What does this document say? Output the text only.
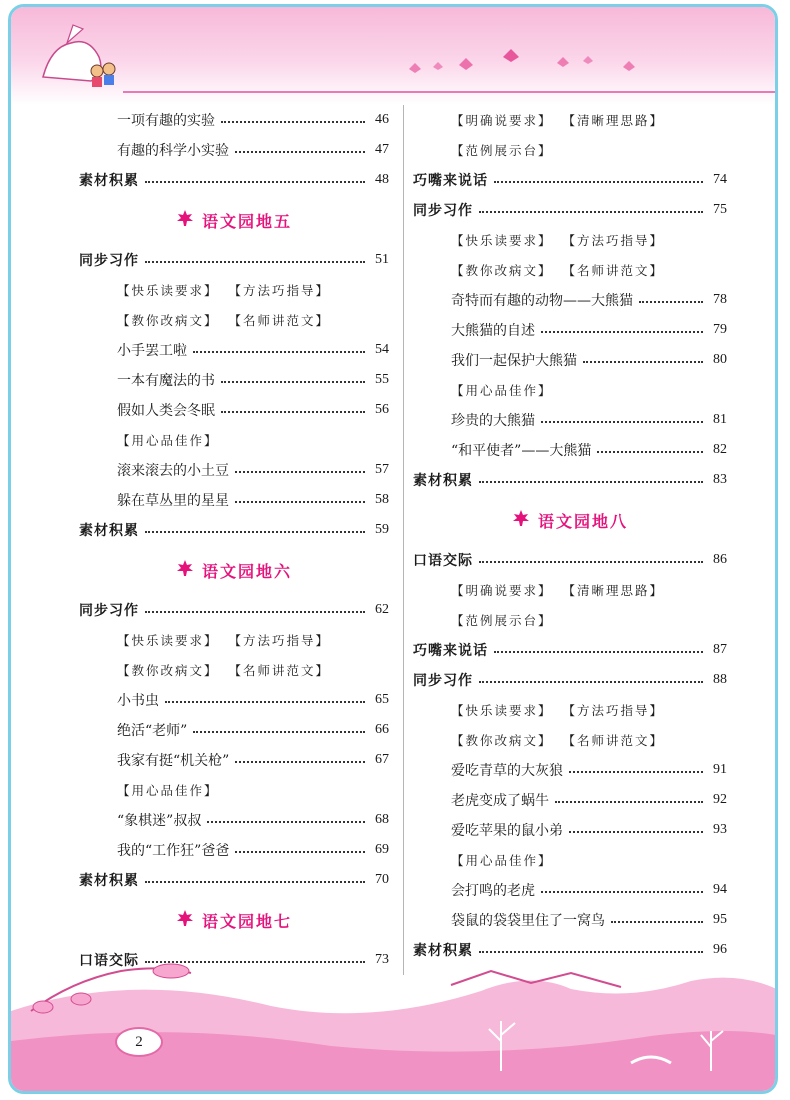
一项有趣的实验	46
有趣的科学小实验	47
素材积累	48
语文园地五
同步习作	51
【快乐读要求】 【方法巧指导】
【教你改病文】 【名师讲范文】
小手罢工啦	54
一本有魔法的书	55
假如人类会冬眠	56
【用心品佳作】
滚来滚去的小土豆	57
躲在草丛里的星星	58
素材积累	59
语文园地六
同步习作	62
【快乐读要求】 【方法巧指导】
【教你改病文】 【名师讲范文】
小书虫	65
绝活“老师”	66
我家有挺“机关枪”	67
【用心品佳作】
“象棋迷”叔叔	68
我的“工作狂”爸爸	69
素材积累	70
语文园地七
口语交际	73
【明确说要求】 【清晰理思路】
【范例展示台】
巧嘴来说话	74
同步习作	75
【快乐读要求】 【方法巧指导】
【教你改病文】 【名师讲范文】
奇特而有趣的动物——大熊猫	78
大熊猫的自述	79
我们一起保护大熊猫	80
【用心品佳作】
珍贵的大熊猫	81
“和平使者”——大熊猫	82
素材积累	83
语文园地八
口语交际	86
【明确说要求】 【清晰理思路】
【范例展示台】
巧嘴来说话	87
同步习作	88
【快乐读要求】 【方法巧指导】
【教你改病文】 【名师讲范文】
爱吃青草的大灰狼	91
老虎变成了蜗牛	92
爱吃苹果的鼠小弟	93
【用心品佳作】
会打鸣的老虎	94
袋鼠的袋袋里住了一窝鸟	95
素材积累	96
2
